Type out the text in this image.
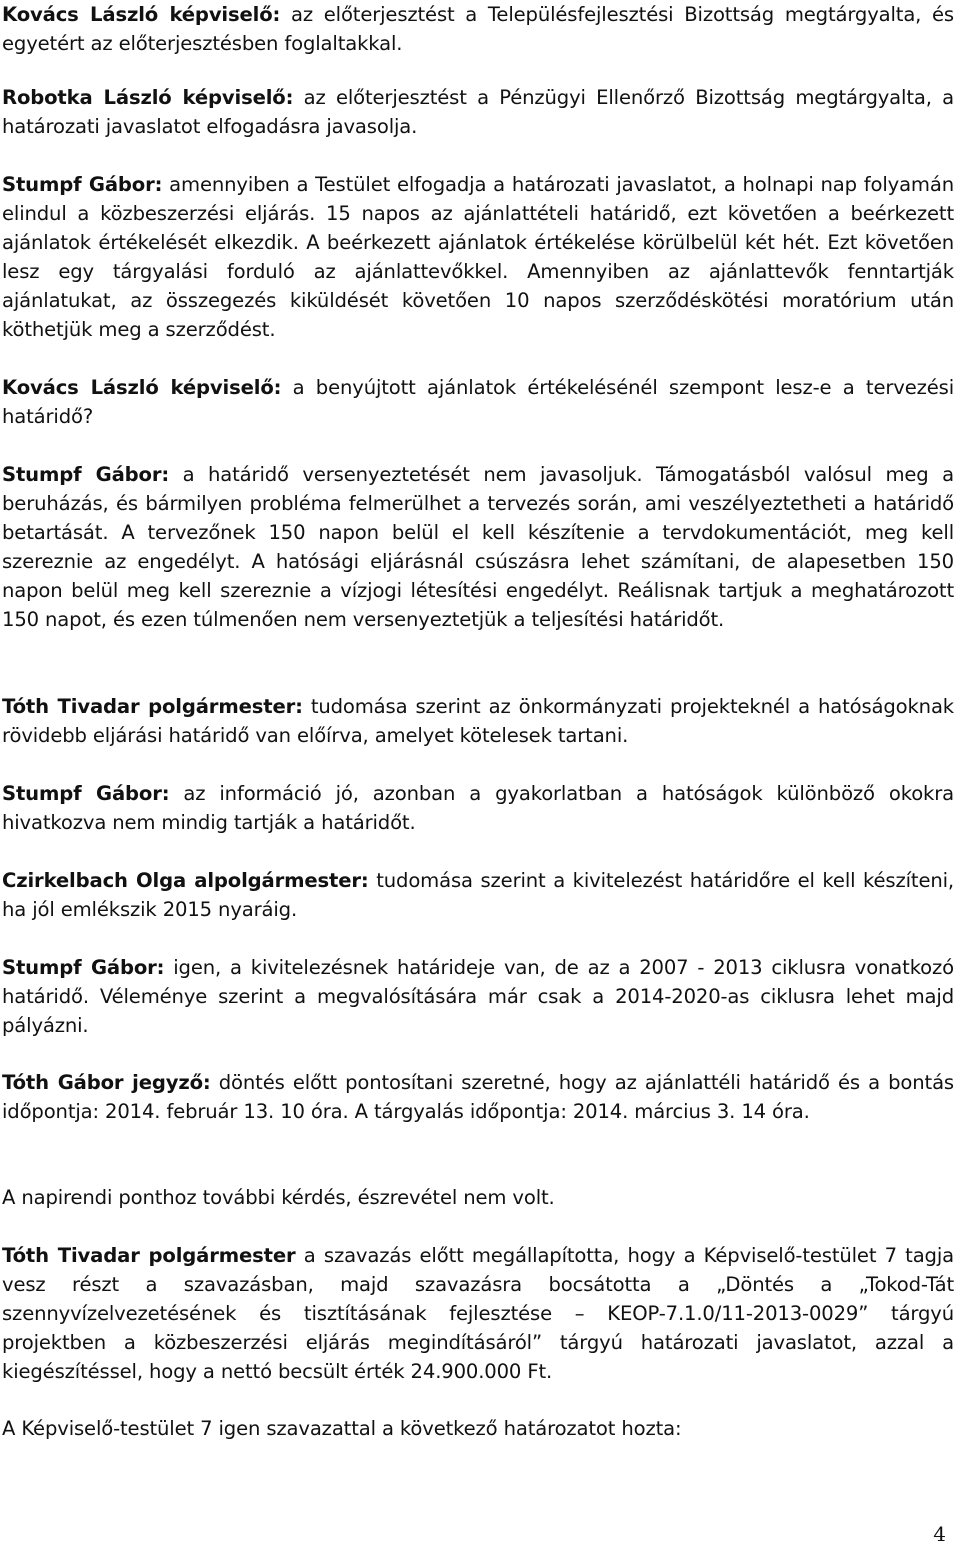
Kovács László képviselő: az előterjesztést a Településfejlesztési Bizottság megtárgyalta, és egyetért az előterjesztésben foglaltakkal.

Robotka László képviselő: az előterjesztést a Pénzügyi Ellenőrző Bizottság megtárgyalta, a határozati javaslatot elfogadásra javasolja.

Stumpf Gábor: amennyiben a Testület elfogadja a határozati javaslatot, a holnapi nap folyamán elindul a közbeszerzési eljárás. 15 napos az ajánlattételi határidő, ezt követően a beérkezett ajánlatok értékelését elkezdik. A beérkezett ajánlatok értékelése körülbelül két hét. Ezt követően lesz egy tárgyalási forduló az ajánlattevőkkel. Amennyiben az ajánlattevők fenntartják ajánlatukat, az összegezés kiküldését követően 10 napos szerződéskötési moratórium után köthetjük meg a szerződést.

Kovács László képviselő: a benyújtott ajánlatok értékelésénél szempont lesz-e a tervezési határidő?

Stumpf Gábor: a határidő versenyeztetését nem javasoljuk. Támogatásból valósul meg a beruházás, és bármilyen probléma felmerülhet a tervezés során, ami veszélyeztetheti a határidő betartását. A tervezőnek 150 napon belül el kell készítenie a tervdokumentációt, meg kell szereznie az engedélyt. A hatósági eljárásnál csúszásra lehet számítani, de alapesetben 150 napon belül meg kell szereznie a vízjogi létesítési engedélyt. Reálisnak tartjuk a meghatározott 150 napot, és ezen túlmenően nem versenyeztetjük a teljesítési határidőt.

Tóth Tivadar polgármester: tudomása szerint az önkormányzati projekteknél a hatóságoknak rövidebb eljárási határidő van előírva, amelyet kötelesek tartani.

Stumpf Gábor: az információ jó, azonban a gyakorlatban a hatóságok különböző okokra hivatkozva nem mindig tartják a határidőt.

Czirkelbach Olga alpolgármester: tudomása szerint a kivitelezést határidőre el kell készíteni, ha jól emlékszik 2015 nyaráig.

Stumpf Gábor: igen, a kivitelezésnek határideje van, de az a 2007 - 2013 ciklusra vonatkozó határidő. Véleménye szerint a megvalósítására már csak a 2014-2020-as ciklusra lehet majd pályázni.

Tóth Gábor jegyző: döntés előtt pontosítani szeretné, hogy az ajánlattéli határidő és a bontás időpontja: 2014. február 13. 10 óra. A tárgyalás időpontja: 2014. március 3. 14 óra.

A napirendi ponthoz további kérdés, észrevétel nem volt.

Tóth Tivadar polgármester a szavazás előtt megállapította, hogy a Képviselő-testület 7 tagja vesz részt a szavazásban, majd szavazásra bocsátotta a „Döntés a „Tokod-Tát szennyvízelvezetésének és tisztításának fejlesztése – KEOP-7.1.0/11-2013-0029” tárgyú projektben a közbeszerzési eljárás megindításáról” tárgyú határozati javaslatot, azzal a kiegészítéssel, hogy a nettó becsült érték 24.900.000 Ft.

A Képviselő-testület 7 igen szavazattal a következő határozatot hozta:

4
